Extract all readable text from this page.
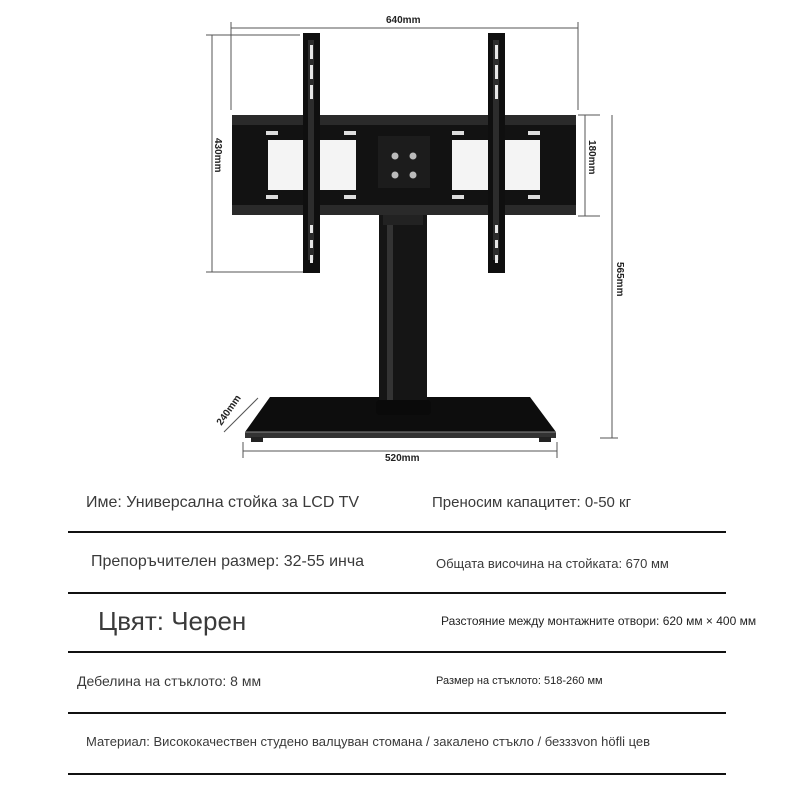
640mm
430mm	180mm
565mm
240mm
520mm
Име: Универсална стойка за LCD TV	Преносим капацитет: 0-50 кг
Препоръчителен размер: 32-55 инча	Общата височина на стойката: 670 мм
Цвят: Черен	Разстояние между монтажните отвори: 620 мм × 400 мм
Дебелина на стъклото: 8 мм	Размер на стъклото: 518-260 мм
Материал: Висококачествен студено валцуван стомана / закалено стъкло / безззvon höfli цев
